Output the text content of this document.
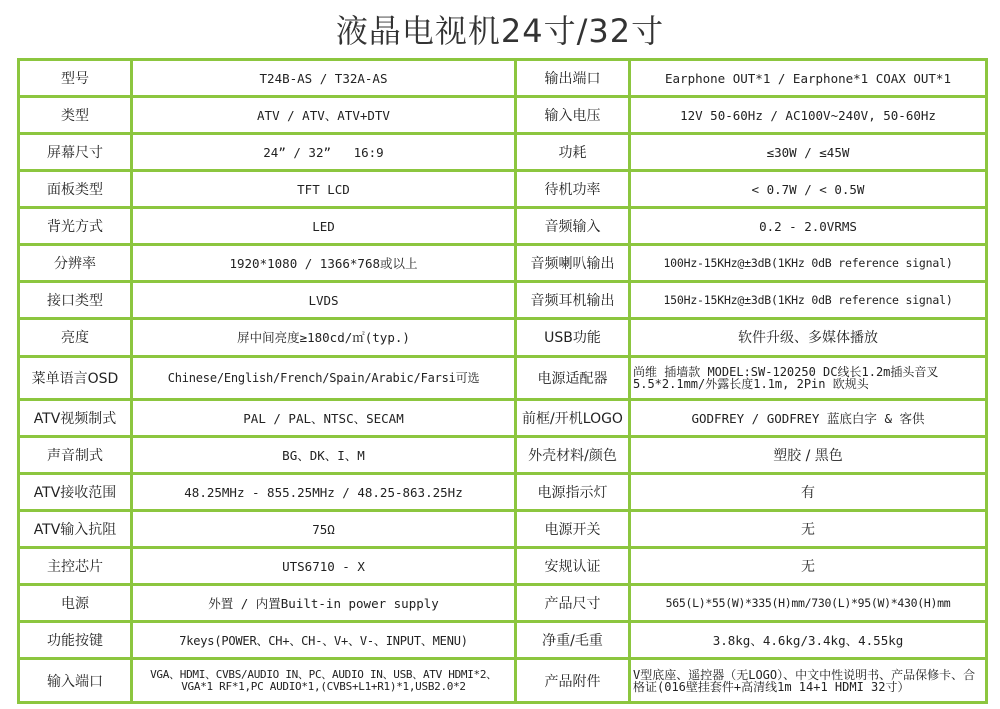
液晶电视机24寸/32寸
型号	T24B-AS / T32A-AS	输出端口	Earphone OUT*1 / Earphone*1 COAX OUT*1
类型	ATV / ATV、ATV+DTV	输入电压	12V 50-60Hz / AC100V~240V, 50-60Hz
屏幕尺寸	24” / 32”   16:9	功耗	≤30W / ≤45W
面板类型	TFT LCD	待机功率	< 0.7W / < 0.5W
背光方式	LED	音频输入	0.2 - 2.0VRMS
分辨率	1920*1080 / 1366*768或以上	音频喇叭输出	100Hz-15KHz@±3dB(1KHz 0dB reference signal)
接口类型	LVDS	音频耳机输出	150Hz-15KHz@±3dB(1KHz 0dB reference signal)
亮度	屏中间亮度≥180cd/㎡(typ.)	USB功能	软件升级、多媒体播放
菜单语言OSD	Chinese/English/French/Spain/Arabic/Farsi可选	电源适配器	尚维 插墙款 MODEL:SW-120250 DC线长1.2m插头音叉5.5*2.1mm/外露长度1.1m, 2Pin 欧规头
ATV视频制式	PAL / PAL、NTSC、SECAM	前框/开机LOGO	GODFREY / GODFREY 蓝底白字 & 客供
声音制式	BG、DK、I、M	外壳材料/颜色	塑胶 / 黑色
ATV接收范围	48.25MHz - 855.25MHz / 48.25-863.25Hz	电源指示灯	有
ATV输入抗阻	75Ω	电源开关	无
主控芯片	UTS6710 - X	安规认证	无
电源	外置 / 内置Built-in power supply	产品尺寸	565(L)*55(W)*335(H)mm/730(L)*95(W)*430(H)mm
功能按键	7keys(POWER、CH+、CH-、V+、V-、INPUT、MENU)	净重/毛重	3.8kg、4.6kg/3.4kg、4.55kg
输入端口	VGA、HDMI、CVBS/AUDIO IN、PC、AUDIO IN、USB、ATV HDMI*2、VGA*1 RF*1,PC AUDIO*1,(CVBS+L1+R1)*1,USB2.0*2	产品附件	V型底座、遥控器（无LOGO）、中文中性说明书、产品保修卡、合格证(016壁挂套件+高清线1m 14+1 HDMI 32寸）
